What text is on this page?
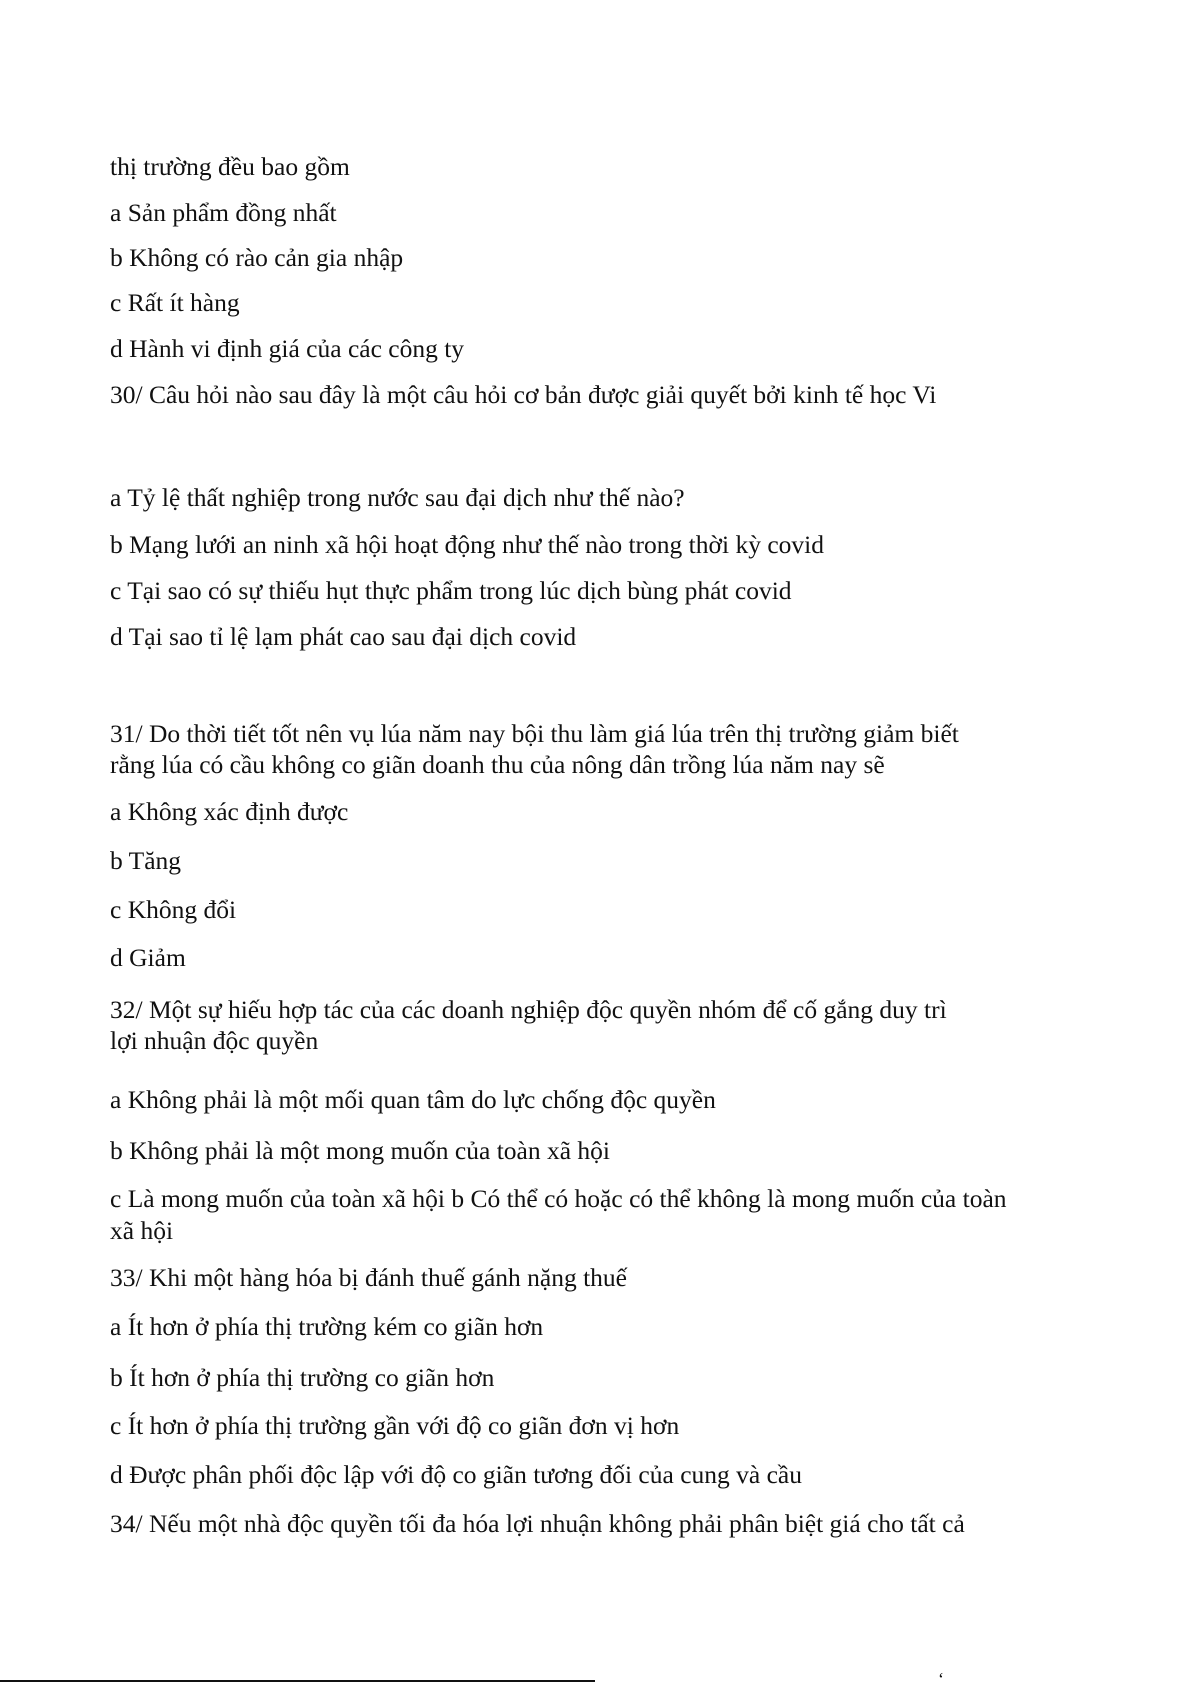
thị trường đều bao gồm

a Sản phẩm đồng nhất

b Không có rào cản gia nhập

c Rất ít hàng

d Hành vi định giá của các công ty

30/ Câu hỏi nào sau đây là một câu hỏi cơ bản được giải quyết bởi kinh tế học Vi

a Tỷ lệ thất nghiệp trong nước sau đại dịch như thế nào?

b Mạng lưới an ninh xã hội hoạt động như thế nào trong thời kỳ covid

c Tại sao có sự thiếu hụt thực phẩm trong lúc dịch bùng phát covid

d Tại sao tỉ lệ lạm phát cao sau đại dịch covid

31/ Do thời tiết tốt nên vụ lúa năm nay bội thu làm giá lúa trên thị trường giảm biết

rằng lúa có cầu không co giãn doanh thu của nông dân trồng lúa năm nay sẽ

a Không xác định được

b Tăng

c Không đổi

d Giảm

32/ Một sự hiếu hợp tác của các doanh nghiệp độc quyền nhóm để cố gắng duy trì

lợi nhuận độc quyền

a Không phải là một mối quan tâm do lực chống độc quyền

b Không phải là một mong muốn của toàn xã hội

c Là mong muốn của toàn xã hội b Có thể có hoặc có thể không là mong muốn của toàn

xã hội

33/ Khi một hàng hóa bị đánh thuế gánh nặng thuế

a Ít hơn ở phía thị trường kém co giãn hơn

b Ít hơn ở phía thị trường co giãn hơn

c Ít hơn ở phía thị trường gần với độ co giãn đơn vị hơn

d Được phân phối độc lập với độ co giãn tương đối của cung và cầu

34/ Nếu một nhà độc quyền tối đa hóa lợi nhuận không phải phân biệt giá cho tất cả

‘
